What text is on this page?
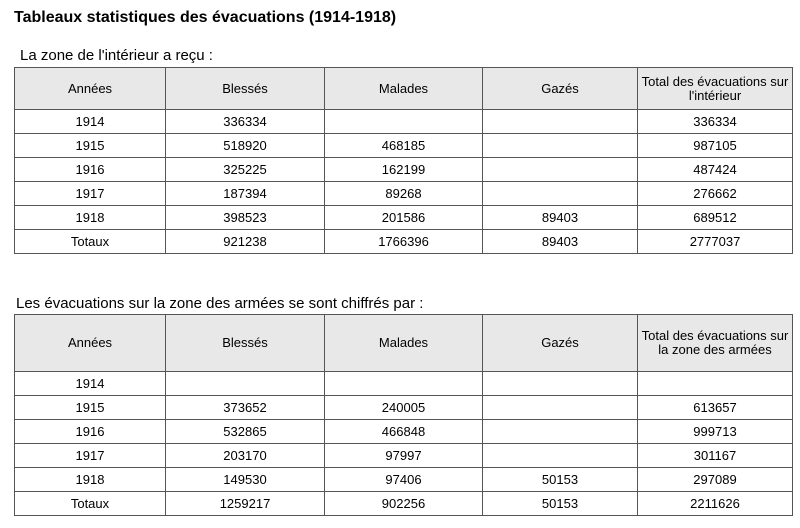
Tableaux statistiques des évacuations (1914-1918)

La zone de l'intérieur a reçu :

Années	Blessés	Malades	Gazés	Total des évacuations sur l'intérieur
1914	336334			336334
1915	518920	468185		987105
1916	325225	162199		487424
1917	187394	89268		276662
1918	398523	201586	89403	689512
Totaux	921238	1766396	89403	2777037

Les évacuations sur la zone des armées se sont chiffrés par :

Années	Blessés	Malades	Gazés	Total des évacuations sur la zone des armées
1914				
1915	373652	240005		613657
1916	532865	466848		999713
1917	203170	97997		301167
1918	149530	97406	50153	297089
Totaux	1259217	902256	50153	2211626
